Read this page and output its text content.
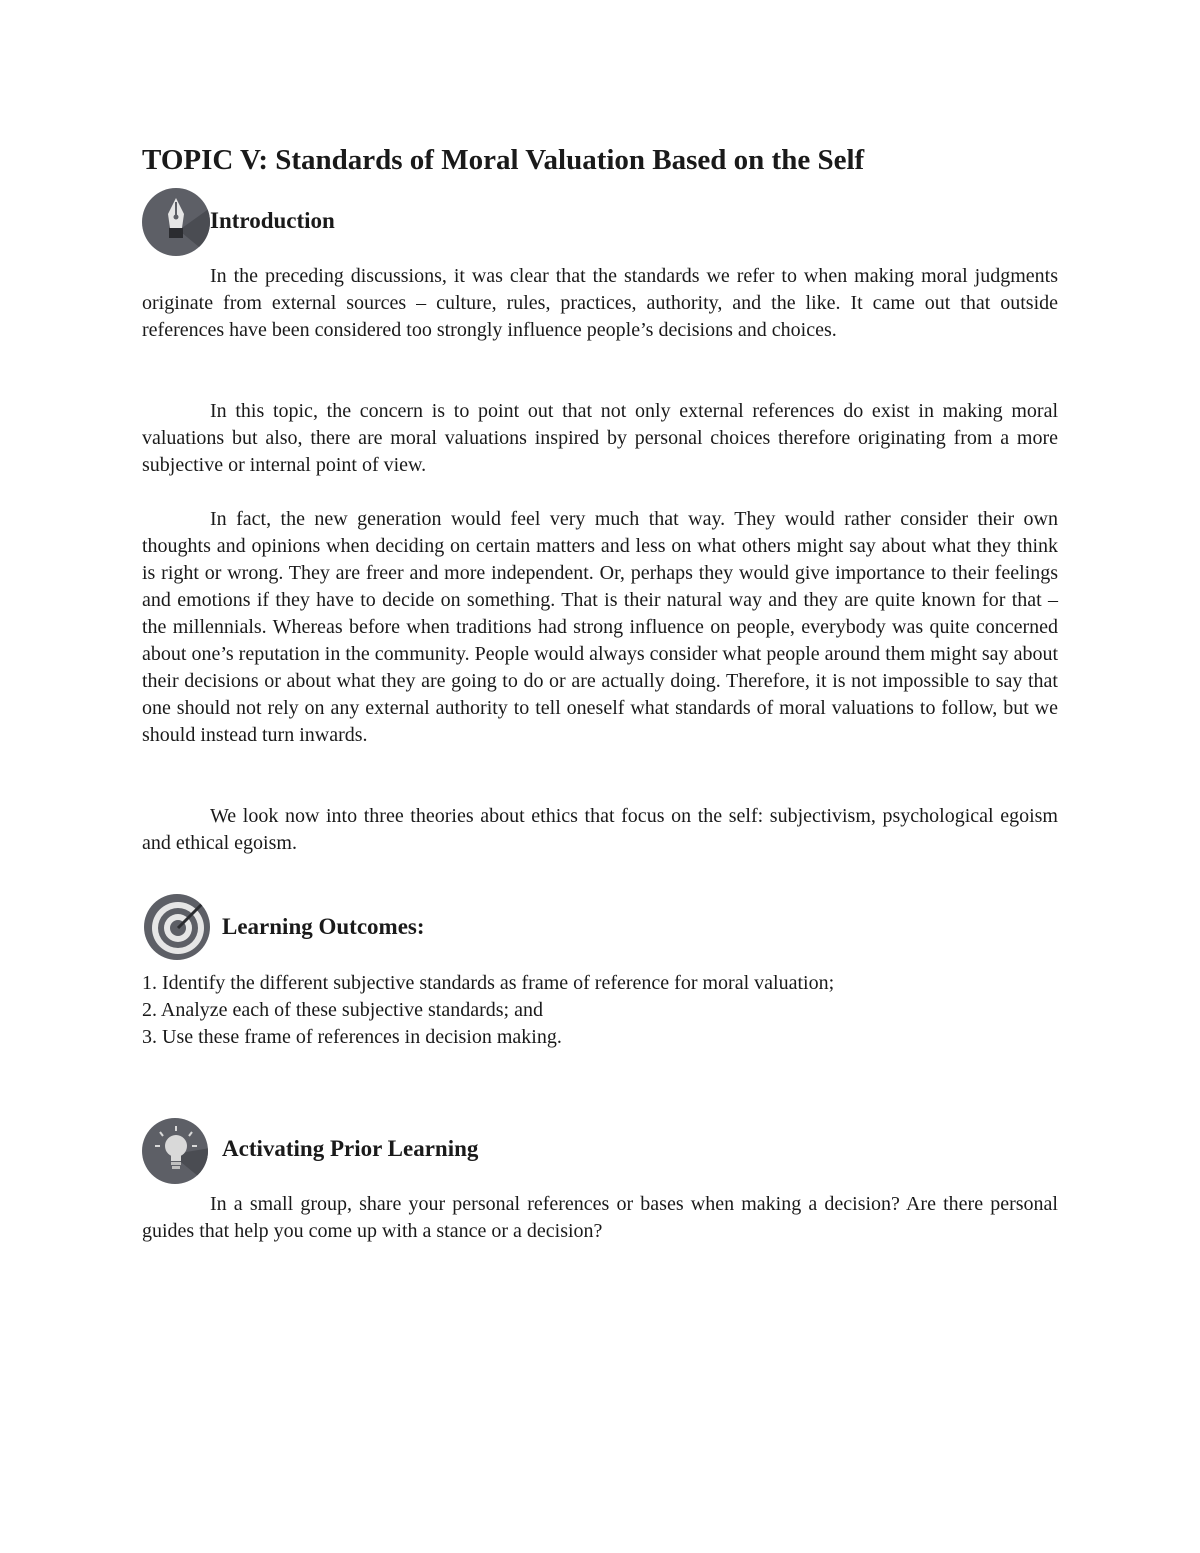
TOPIC V: Standards of Moral Valuation Based on the Self
Introduction

In the preceding discussions, it was clear that the standards we refer to when making moral judgments originate from external sources – culture, rules, practices, authority, and the like. It came out that outside references have been considered too strongly influence people’s decisions and choices.

In this topic, the concern is to point out that not only external references do exist in making moral valuations but also, there are moral valuations inspired by personal choices therefore originating from a more subjective or internal point of view.

In fact, the new generation would feel very much that way. They would rather consider their own thoughts and opinions when deciding on certain matters and less on what others might say about what they think is right or wrong. They are freer and more independent. Or, perhaps they would give importance to their feelings and emotions if they have to decide on something. That is their natural way and they are quite known for that – the millennials. Whereas before when traditions had strong influence on people, everybody was quite concerned about one’s reputation in the community. People would always consider what people around them might say about their decisions or about what they are going to do or are actually doing. Therefore, it is not impossible to say that one should not rely on any external authority to tell oneself what standards of moral valuations to follow, but we should instead turn inwards.

We look now into three theories about ethics that focus on the self: subjectivism, psychological egoism and ethical egoism.

Learning Outcomes:
1. Identify the different subjective standards as frame of reference for moral valuation;
2. Analyze each of these subjective standards; and
3. Use these frame of references in decision making.
Activating Prior Learning

In a small group, share your personal references or bases when making a decision? Are there personal guides that help you come up with a stance or a decision?
